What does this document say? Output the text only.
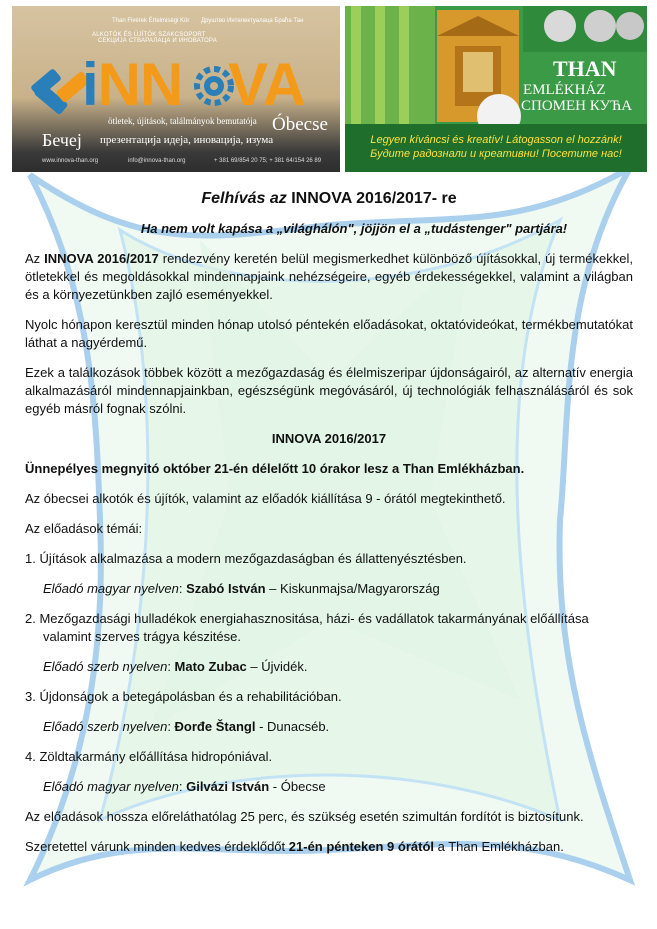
Than Fivérek Értelmiségi Kör Друштво Интелектуалаца Браћа Тан
ALKOTÓK ÉS ÚJÍTÓK SZAKCSOPORT СЕКЦИЈА СТВАРАЛАЦА И ИНОВАТОРА
iNN VA
ötletek, újítások, találmányok bemutatója Óbecse
Бечеј презентација идеја, иновација, изума
www.innova-than.org	info@innova-than.org	+ 381 69/854 20 75; + 381 64/154 26 89
THAN
EMLÉKHÁZ
СПОМЕН КУЋА
Legyen kíváncsi és kreatív! Látogasson el hozzánk!
Будите радознали и креативни! Посетите нас!
Felhívás az INNOVA 2016/2017- re
Ha nem volt kapása a „világhálón", jöjjön el a „tudástenger" partjára!

Az INNOVA 2016/2017 rendezvény keretén belül megismerkedhet különböző újításokkal, új termékekkel, ötletekkel és megoldásokkal mindennapjaink nehézségeire, egyéb érdekességekkel, valamint a világban és a környezetünkben zajló eseményekkel.

Nyolc hónapon keresztül minden hónap utolsó péntekén előadásokat, oktatóvideókat, termékbemutatókat láthat a nagyérdemű.

Ezek a találkozások többek között a mezőgazdaság és élelmiszeripar újdonságairól, az alternatív energia alkalmazásáról mindennapjainkban, egészségünk megóvásáról, új technológiák felhasználásáról és sok egyéb másról fognak szólni.

INNOVA 2016/2017

Ünnepélyes megnyitó október 21-én délelőtt 10 órakor lesz a Than Emlékházban.

Az óbecsei alkotók és újítók, valamint az előadók kiállítása 9 - órától megtekinthető.

Az előadások témái:

1. Újítások alkalmazása a modern mezőgazdaságban és állattenyésztésben.
Előadó magyar nyelven: Szabó István – Kiskunmajsa/Magyarország
2. Mezőgazdasági hulladékok energiahasznositása, házi- és vadállatok takarmányának előállítása valamint szerves trágya készitése.
Előadó szerb nyelven: Mato Zubac – Újvidék.
3. Újdonságok a betegápolásban és a rehabilitációban.
Előadó szerb nyelven: Đorđe Štangl - Dunacséb.
4. Zöldtakarmány előállítása hidropóniával.
Előadó magyar nyelven: Gilvázi István - Óbecse

Az előadások hossza előreláthatólag 25 perc, és szükség esetén szimultán fordítót is biztosítunk.

Szeretettel várunk minden kedves érdeklődőt 21-én pénteken 9 órától a Than Emlékházban.
